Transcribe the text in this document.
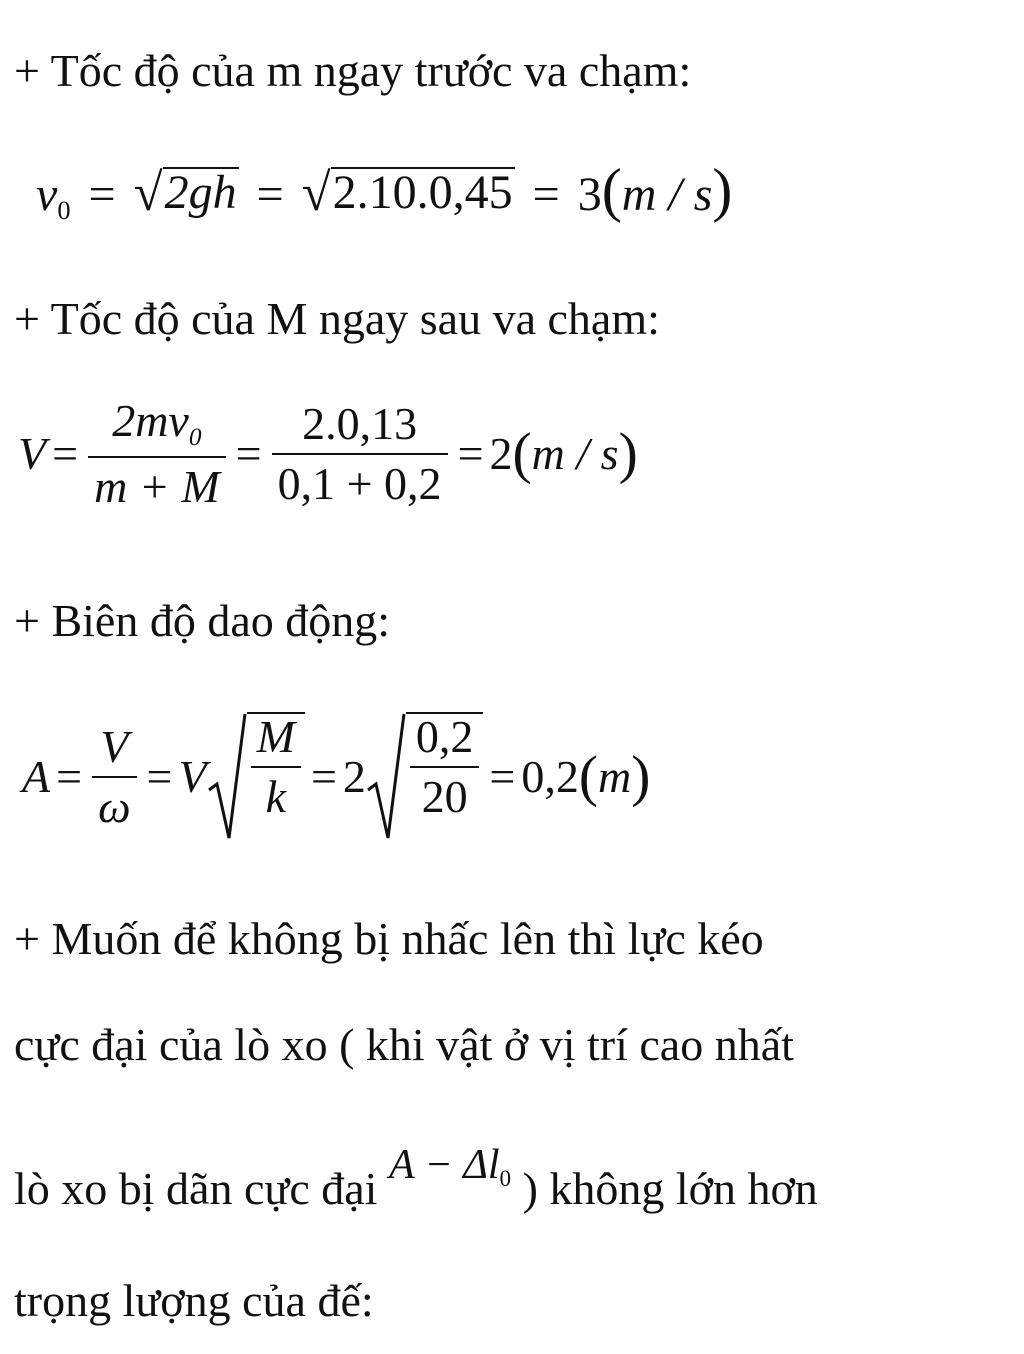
+ Tốc độ của m ngay trước va chạm:
$v_0$ = √ 2gh = √ 2.10.0,45 = 3(m / s)
+ Tốc độ của M ngay sau va chạm:
$V = \frac{2mv_0}{m + M} = \frac{2.0,13}{0,1 + 0,2} = 2$ ( m / s )
+ Biên độ dao động:
$A = \frac{V}{\omega} = V \frac{M}{k} = 2 \frac{0,2}{20} = 0,2$ ( m )
+ Muốn để không bị nhấc lên thì lực kéo
cực đại của lò xo ( khi vật ở vị trí cao nhất
lò xo bị dãn cực đại $A - \Delta l_0$ ) không lớn hơn
trọng lượng của đế:
